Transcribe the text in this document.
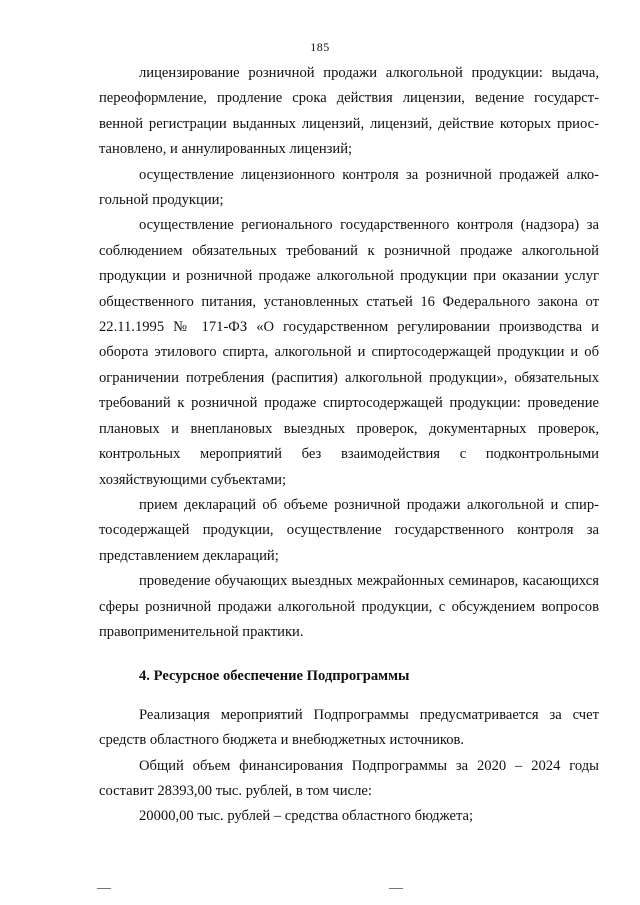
185

лицензирование розничной продажи алкогольной продукции: выдача, переоформление, продление срока действия лицензии, ведение государственной регистрации выданных лицензий, лицензий, действие которых приостановлено, и аннулированных лицензий;

осуществление лицензионного контроля за розничной продажей алкогольной продукции;

осуществление регионального государственного контроля (надзора) за соблюдением обязательных требований к розничной продаже алкогольной продукции и розничной продаже алкогольной продукции при оказании услуг общественного питания, установленных статьей 16 Федерального закона от 22.11.1995 № 171-ФЗ «О государственном регулировании производства и оборота этилового спирта, алкогольной и спиртосодержащей продукции и об ограничении потребления (распития) алкогольной продукции», обязательных требований к розничной продаже спиртосодержащей продукции: проведение плановых и внеплановых выездных проверок, документарных проверок, контрольных мероприятий без взаимодействия с подконтрольными хозяйствующими субъектами;

прием деклараций об объеме розничной продажи алкогольной и спиртосодержащей продукции, осуществление государственного контроля за представлением деклараций;

проведение обучающих выездных межрайонных семинаров, касающихся сферы розничной продажи алкогольной продукции, с обсуждением вопросов правоприменительной практики.

4. Ресурсное обеспечение Подпрограммы

Реализация мероприятий Подпрограммы предусматривается за счет средств областного бюджета и внебюджетных источников.

Общий объем финансирования Подпрограммы за 2020 – 2024 годы составит 28393,00 тыс. рублей, в том числе:

20000,00 тыс. рублей – средства областного бюджета;
